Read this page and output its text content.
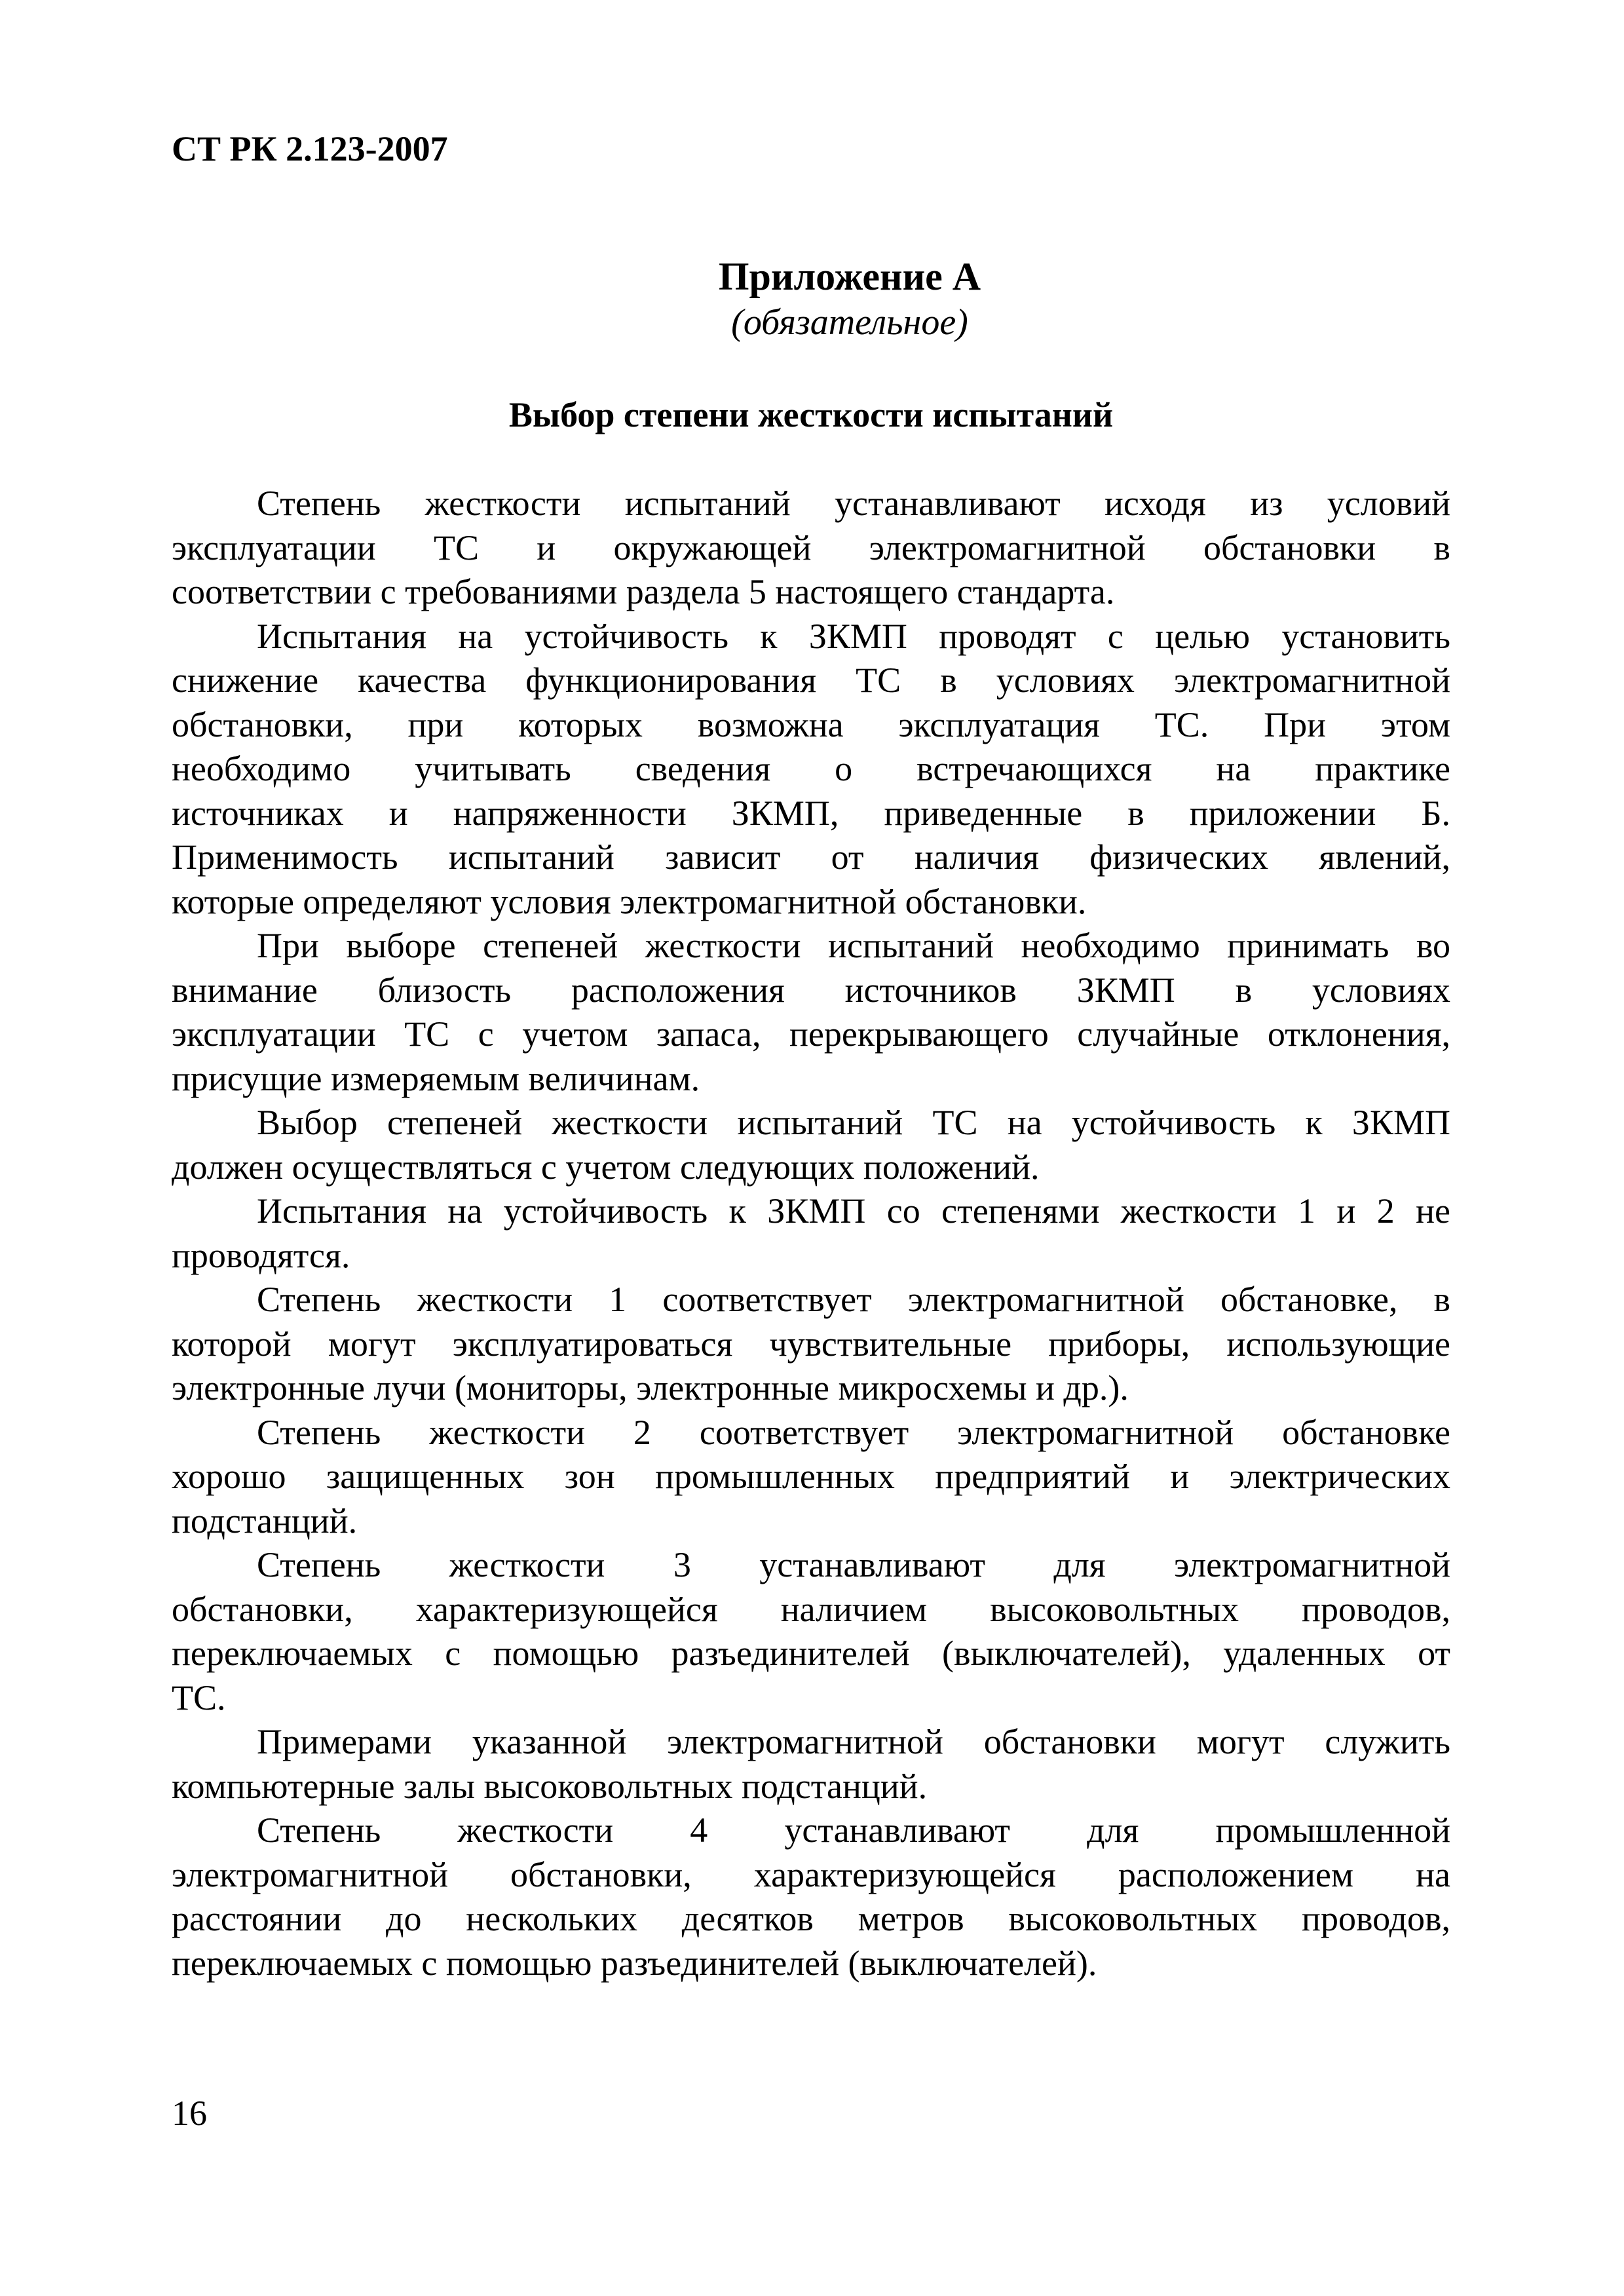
СТ РК 2.123-2007
Приложение А
(обязательное)
Выбор степени жесткости испытаний
Степень жесткости испытаний устанавливают исходя из условий
эксплуатации ТС и окружающей электромагнитной обстановки в
соответствии с требованиями раздела 5 настоящего стандарта.
Испытания на устойчивость к ЗКМП проводят с целью установить
снижение качества функционирования ТС в условиях электромагнитной
обстановки, при которых возможна эксплуатация ТС. При этом
необходимо учитывать сведения о встречающихся на практике
источниках и напряженности ЗКМП, приведенные в приложении Б.
Применимость испытаний зависит от наличия физических явлений,
которые определяют условия электромагнитной обстановки.
При выборе степеней жесткости испытаний необходимо принимать во
внимание близость расположения источников ЗКМП в условиях
эксплуатации ТС с учетом запаса, перекрывающего случайные отклонения,
присущие измеряемым величинам.
Выбор степеней жесткости испытаний ТС на устойчивость к ЗКМП
должен осуществляться с учетом следующих положений.
Испытания на устойчивость к ЗКМП со степенями жесткости 1 и 2 не
проводятся.
Степень жесткости 1 соответствует электромагнитной обстановке, в
которой могут эксплуатироваться чувствительные приборы, использующие
электронные лучи (мониторы, электронные микросхемы и др.).
Степень жесткости 2 соответствует электромагнитной обстановке
хорошо защищенных зон промышленных предприятий и электрических
подстанций.
Степень жесткости 3 устанавливают для электромагнитной
обстановки, характеризующейся наличием высоковольтных проводов,
переключаемых с помощью разъединителей (выключателей), удаленных от
ТС.
Примерами указанной электромагнитной обстановки могут служить
компьютерные залы высоковольтных подстанций.
Степень жесткости 4 устанавливают для промышленной
электромагнитной обстановки, характеризующейся расположением на
расстоянии до нескольких десятков метров высоковольтных проводов,
переключаемых с помощью разъединителей (выключателей).
16
